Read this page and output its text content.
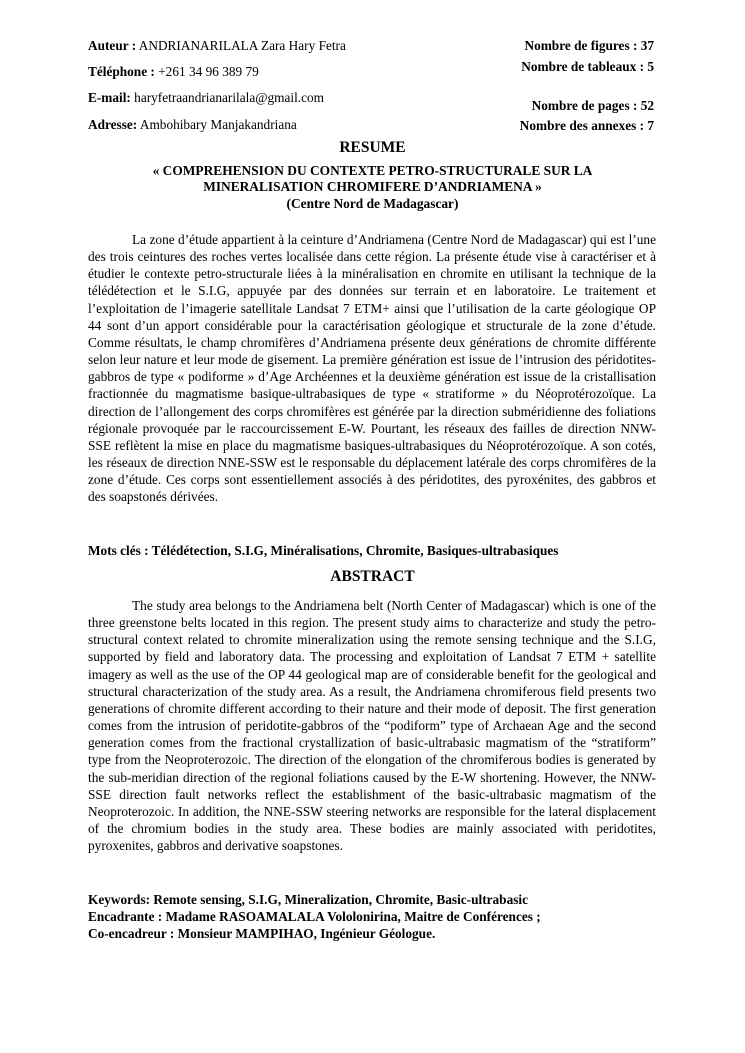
Auteur : ANDRIANARILALA Zara Hary Fetra
Téléphone : +261 34 96 389 79
E-mail: haryfetraandrianarilala@gmail.com
Adresse: Ambohibary Manjakandriana
Nombre de figures : 37
Nombre de tableaux : 5
Nombre de pages : 52
Nombre des annexes : 7
RESUME
« COMPREHENSION DU CONTEXTE PETRO-STRUCTURALE SUR LA
MINERALISATION CHROMIFERE D’ANDRIAMENA »
(Centre Nord de Madagascar)

La zone d’étude appartient à la ceinture d’Andriamena (Centre Nord de Madagascar) qui est l’une des trois ceintures des roches vertes localisée dans cette région. La présente étude vise à caractériser et à étudier le contexte petro-structurale liées à la minéralisation en chromite en utilisant la technique de la télédétection et le S.I.G, appuyée par des données sur terrain et en laboratoire. Le traitement et l’exploitation de l’imagerie satellitale Landsat 7 ETM+ ainsi que l’utilisation de la carte géologique OP 44 sont d’un apport considérable pour la caractérisation géologique et structurale de la zone d’étude. Comme résultats, le champ chromifères d’Andriamena présente deux générations de chromite différente selon leur nature et leur mode de gisement. La première génération est issue de l’intrusion des péridotites-gabbros de type « podiforme » d’Age Archéennes et la deuxième génération est issue de la cristallisation fractionnée du magmatisme basique-ultrabasiques de type « stratiforme » du Néoprotérozoïque. La direction de l’allongement des corps chromifères est générée par la direction subméridienne des foliations régionale provoquée par le raccourcissement E-W. Pourtant, les réseaux des failles de direction NNW-SSE reflètent la mise en place du magmatisme basiques-ultrabasiques du Néoprotérozoïque. A son cotés, les réseaux de direction NNE-SSW est le responsable du déplacement latérale des corps chromifères de la zone d’étude. Ces corps sont essentiellement associés à des péridotites, des pyroxénites, des gabbros et des soapstonés dérivées.

Mots clés : Télédétection, S.I.G, Minéralisations, Chromite, Basiques-ultrabasiques
ABSTRACT

The study area belongs to the Andriamena belt (North Center of Madagascar) which is one of the three greenstone belts located in this region. The present study aims to characterize and study the petro-structural context related to chromite mineralization using the remote sensing technique and the S.I.G, supported by field and laboratory data. The processing and exploitation of Landsat 7 ETM + satellite imagery as well as the use of the OP 44 geological map are of considerable benefit for the geological and structural characterization of the study area. As a result, the Andriamena chromiferous field presents two generations of chromite different according to their nature and their mode of deposit. The first generation comes from the intrusion of peridotite-gabbros of the “podiform” type of Archaean Age and the second generation comes from the fractional crystallization of basic-ultrabasic magmatism of the “stratiform” type from the Neoproterozoic. The direction of the elongation of the chromiferous bodies is generated by the sub-meridian direction of the regional foliations caused by the E-W shortening. However, the NNW-SSE direction fault networks reflect the establishment of the basic-ultrabasic magmatism of the Neoproterozoic. In addition, the NNE-SSW steering networks are responsible for the lateral displacement of the chromium bodies in the study area. These bodies are mainly associated with peridotites, pyroxenites, gabbros and derivative soapstones.

Keywords: Remote sensing, S.I.G, Mineralization, Chromite, Basic-ultrabasic
Encadrante : Madame RASOAMALALA Vololonirina, Maitre de Conférences ;
Co-encadreur : Monsieur MAMPIHAO, Ingénieur Géologue.
